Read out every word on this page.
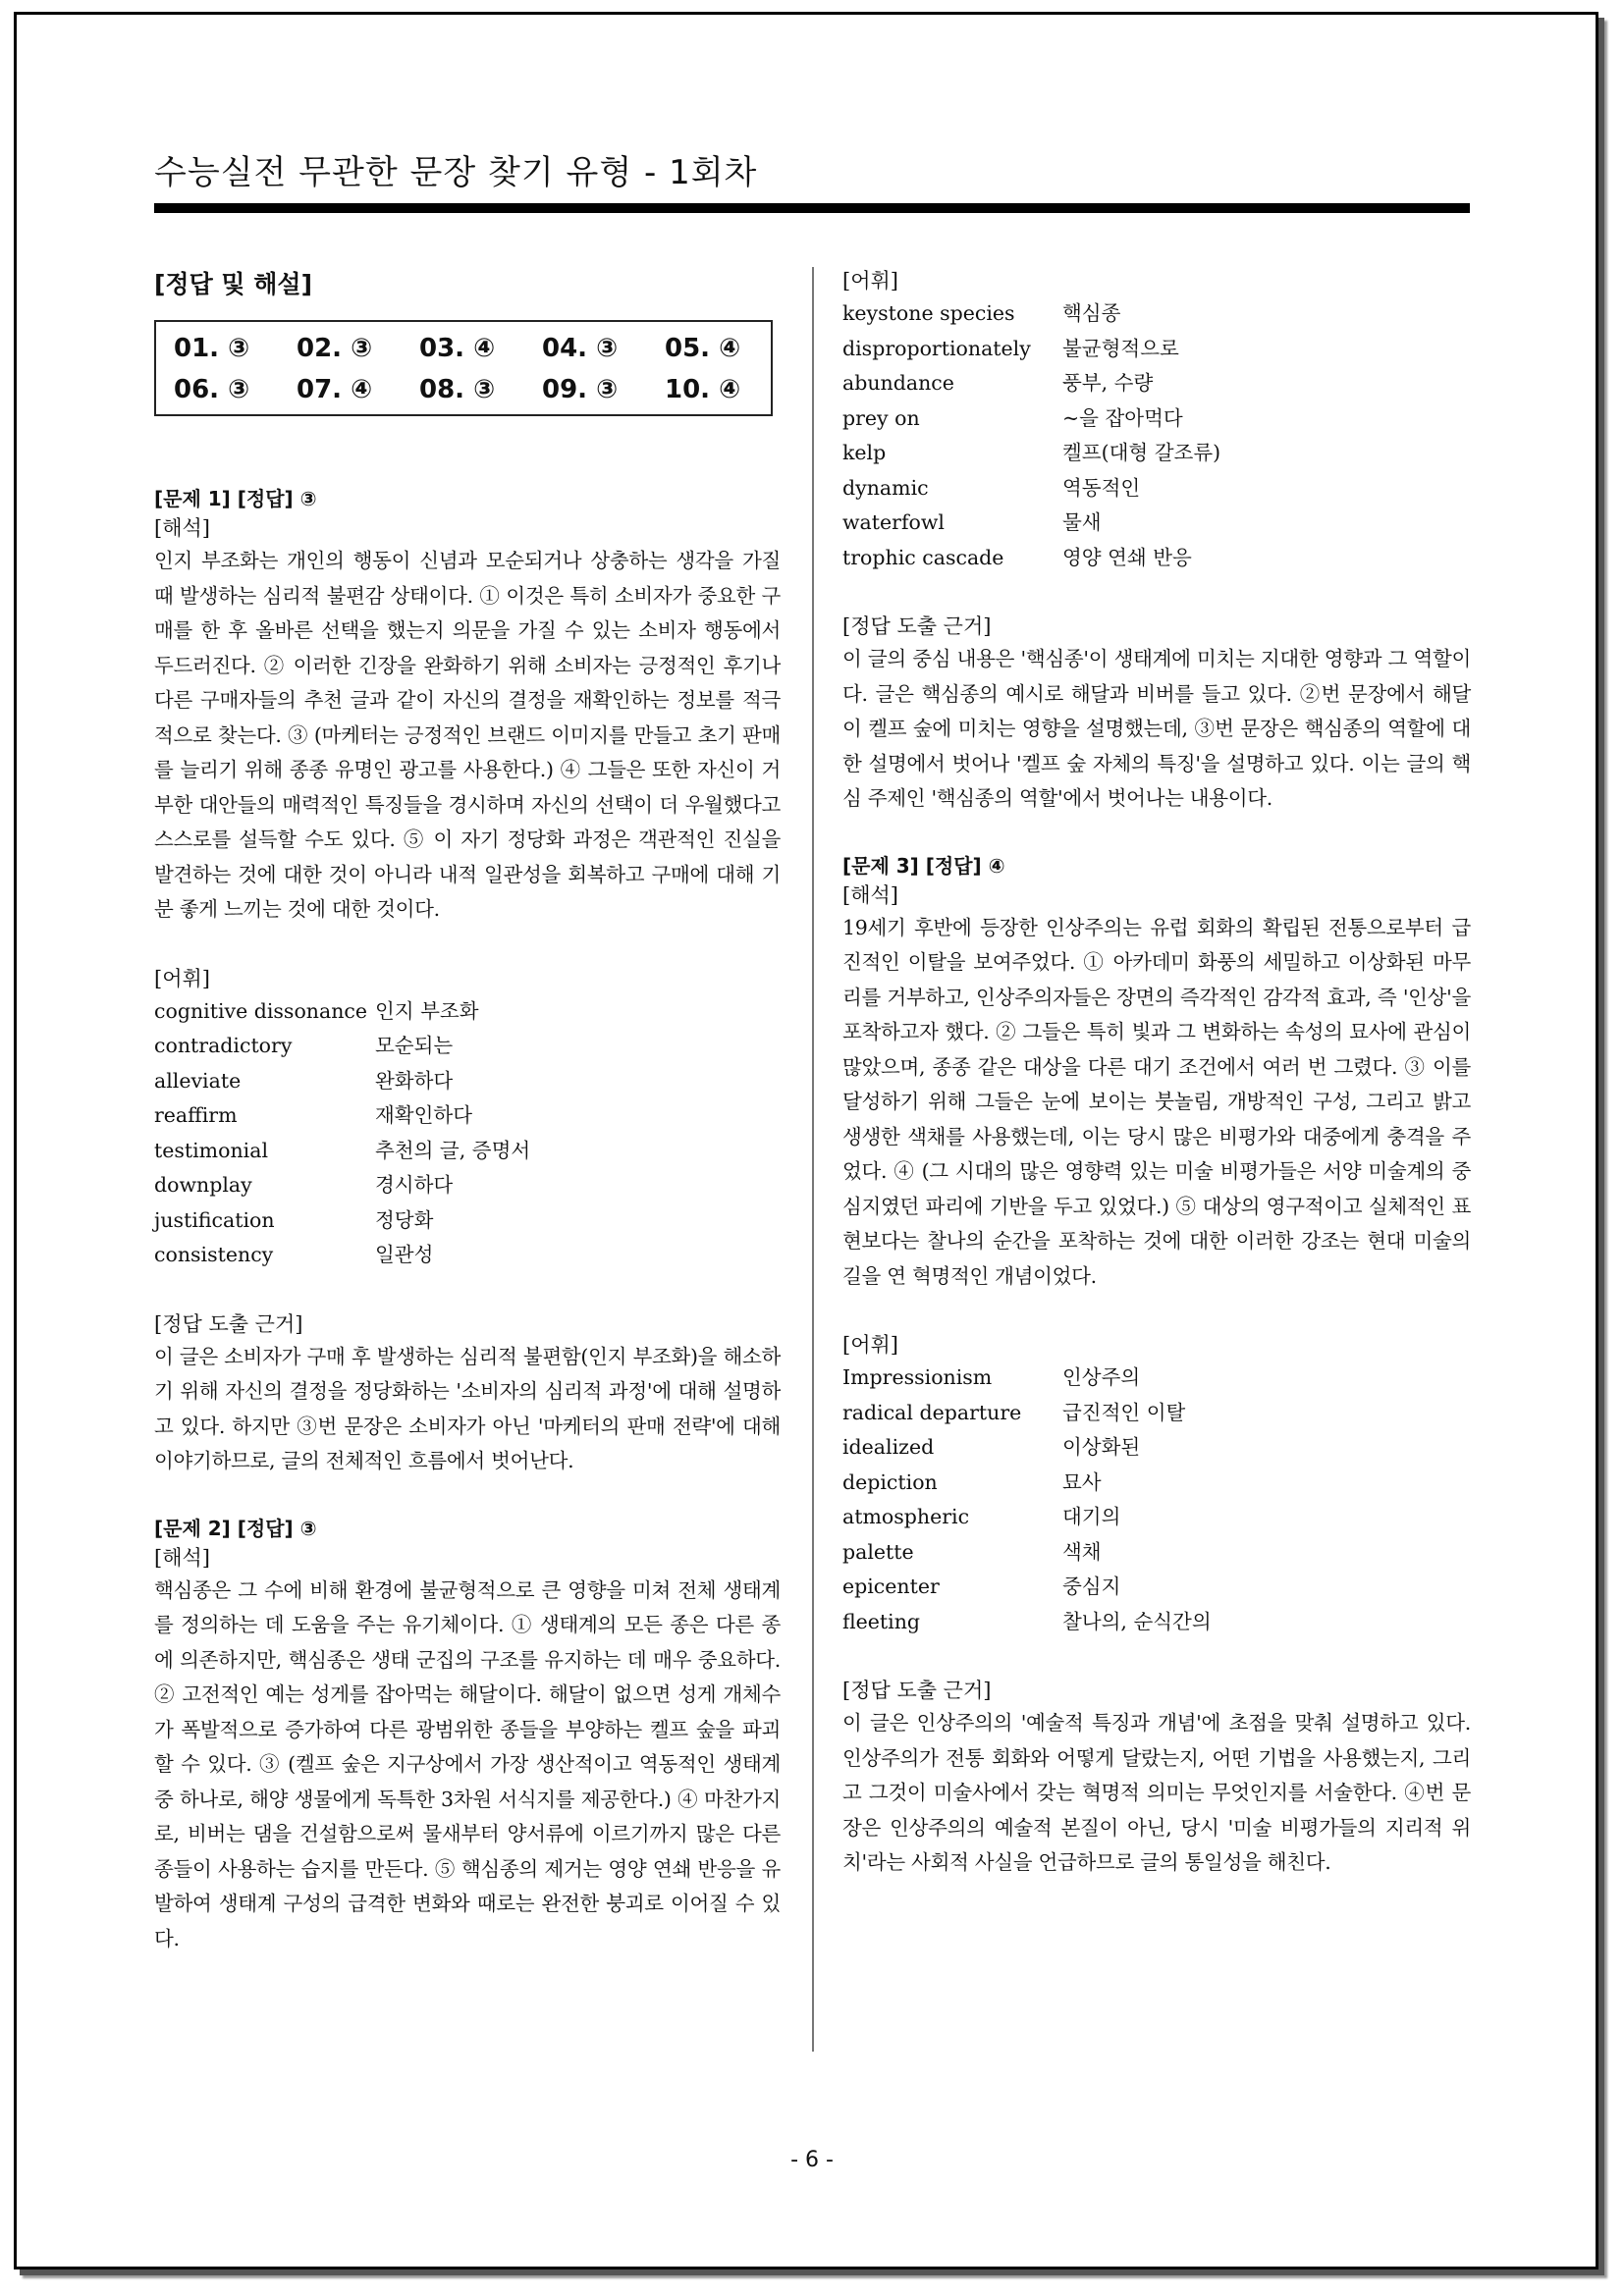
수능실전 무관한 문장 찾기 유형 - 1회차

[정답 및 해설]

01. ③	02. ③	03. ④	04. ③	05. ④
06. ③	07. ④	08. ③	09. ③	10. ④

[문제 1] [정답] ③

[해석]

인지 부조화는 개인의 행동이 신념과 모순되거나 상충하는 생각을 가질 때 발생하는 심리적 불편감 상태이다. ① 이것은 특히 소비자가 중요한 구매를 한 후 올바른 선택을 했는지 의문을 가질 수 있는 소비자 행동에서 두드러진다. ② 이러한 긴장을 완화하기 위해 소비자는 긍정적인 후기나 다른 구매자들의 추천 글과 같이 자신의 결정을 재확인하는 정보를 적극적으로 찾는다. ③ (마케터는 긍정적인 브랜드 이미지를 만들고 초기 판매를 늘리기 위해 종종 유명인 광고를 사용한다.) ④ 그들은 또한 자신이 거부한 대안들의 매력적인 특징들을 경시하며 자신의 선택이 더 우월했다고 스스로를 설득할 수도 있다. ⑤ 이 자기 정당화 과정은 객관적인 진실을 발견하는 것에 대한 것이 아니라 내적 일관성을 회복하고 구매에 대해 기분 좋게 느끼는 것에 대한 것이다.

[어휘]

cognitive dissonance 인지 부조화
contradictory	모순되는
alleviate	완화하다
reaffirm	재확인하다
testimonial	추천의 글, 증명서
downplay	경시하다
justification	정당화
consistency	일관성

[정답 도출 근거]

이 글은 소비자가 구매 후 발생하는 심리적 불편함(인지 부조화)을 해소하기 위해 자신의 결정을 정당화하는 '소비자의 심리적 과정'에 대해 설명하고 있다. 하지만 ③번 문장은 소비자가 아닌 '마케터의 판매 전략'에 대해 이야기하므로, 글의 전체적인 흐름에서 벗어난다.

[문제 2] [정답] ③

[해석]

핵심종은 그 수에 비해 환경에 불균형적으로 큰 영향을 미쳐 전체 생태계를 정의하는 데 도움을 주는 유기체이다. ① 생태계의 모든 종은 다른 종에 의존하지만, 핵심종은 생태 군집의 구조를 유지하는 데 매우 중요하다. ② 고전적인 예는 성게를 잡아먹는 해달이다. 해달이 없으면 성게 개체수가 폭발적으로 증가하여 다른 광범위한 종들을 부양하는 켈프 숲을 파괴할 수 있다. ③ (켈프 숲은 지구상에서 가장 생산적이고 역동적인 생태계 중 하나로, 해양 생물에게 독특한 3차원 서식지를 제공한다.) ④ 마찬가지로, 비버는 댐을 건설함으로써 물새부터 양서류에 이르기까지 많은 다른 종들이 사용하는 습지를 만든다. ⑤ 핵심종의 제거는 영양 연쇄 반응을 유발하여 생태계 구성의 급격한 변화와 때로는 완전한 붕괴로 이어질 수 있다.

[어휘]

keystone species	핵심종
disproportionately	불균형적으로
abundance	풍부, 수량
prey on	~을 잡아먹다
kelp	켈프(대형 갈조류)
dynamic	역동적인
waterfowl	물새
trophic cascade	영양 연쇄 반응

[정답 도출 근거]

이 글의 중심 내용은 '핵심종'이 생태계에 미치는 지대한 영향과 그 역할이다. 글은 핵심종의 예시로 해달과 비버를 들고 있다. ②번 문장에서 해달이 켈프 숲에 미치는 영향을 설명했는데, ③번 문장은 핵심종의 역할에 대한 설명에서 벗어나 '켈프 숲 자체의 특징'을 설명하고 있다. 이는 글의 핵심 주제인 '핵심종의 역할'에서 벗어나는 내용이다.

[문제 3] [정답] ④

[해석]

19세기 후반에 등장한 인상주의는 유럽 회화의 확립된 전통으로부터 급진적인 이탈을 보여주었다. ① 아카데미 화풍의 세밀하고 이상화된 마무리를 거부하고, 인상주의자들은 장면의 즉각적인 감각적 효과, 즉 '인상'을 포착하고자 했다. ② 그들은 특히 빛과 그 변화하는 속성의 묘사에 관심이 많았으며, 종종 같은 대상을 다른 대기 조건에서 여러 번 그렸다. ③ 이를 달성하기 위해 그들은 눈에 보이는 붓놀림, 개방적인 구성, 그리고 밝고 생생한 색채를 사용했는데, 이는 당시 많은 비평가와 대중에게 충격을 주었다. ④ (그 시대의 많은 영향력 있는 미술 비평가들은 서양 미술계의 중심지였던 파리에 기반을 두고 있었다.) ⑤ 대상의 영구적이고 실체적인 표현보다는 찰나의 순간을 포착하는 것에 대한 이러한 강조는 현대 미술의 길을 연 혁명적인 개념이었다.

[어휘]

Impressionism	인상주의
radical departure	급진적인 이탈
idealized	이상화된
depiction	묘사
atmospheric	대기의
palette	색채
epicenter	중심지
fleeting	찰나의, 순식간의

[정답 도출 근거]

이 글은 인상주의의 '예술적 특징과 개념'에 초점을 맞춰 설명하고 있다. 인상주의가 전통 회화와 어떻게 달랐는지, 어떤 기법을 사용했는지, 그리고 그것이 미술사에서 갖는 혁명적 의미는 무엇인지를 서술한다. ④번 문장은 인상주의의 예술적 본질이 아닌, 당시 '미술 비평가들의 지리적 위치'라는 사회적 사실을 언급하므로 글의 통일성을 해친다.

- 6 -
